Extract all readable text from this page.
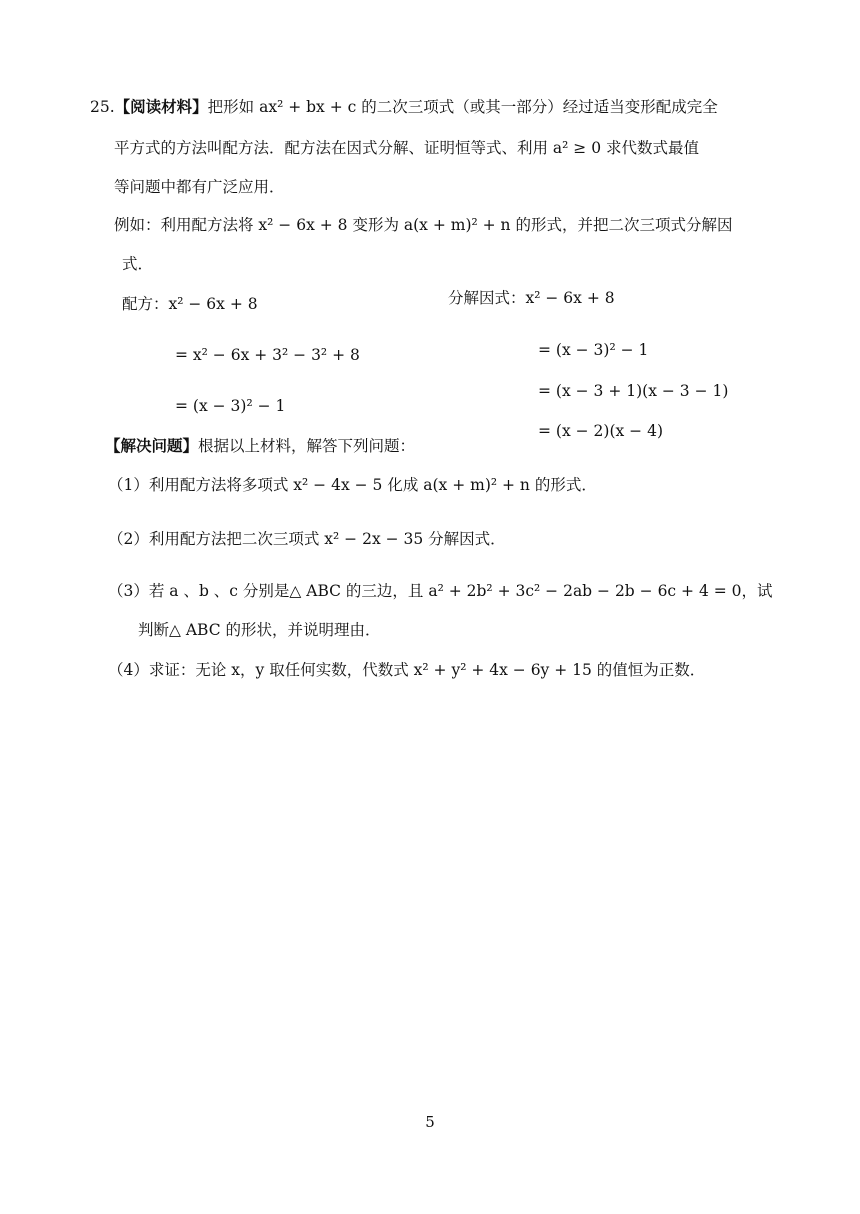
25.【阅读材料】把形如 ax² + bx + c 的二次三项式（或其一部分）经过适当变形配成完全
平方式的方法叫配方法．配方法在因式分解、证明恒等式、利用 a² ≥ 0 求代数式最值
等问题中都有广泛应用．
例如：利用配方法将 x² − 6x + 8 变形为 a(x + m)² + n 的形式，并把二次三项式分解因
式．
配方：x² − 6x + 8
= x² − 6x + 3² − 3² + 8
= (x − 3)² − 1
分解因式：x² − 6x + 8
= (x − 3)² − 1
= (x − 3 + 1)(x − 3 − 1)
= (x − 2)(x − 4)
【解决问题】根据以上材料，解答下列问题：
（1）利用配方法将多项式 x² − 4x − 5 化成 a(x + m)² + n 的形式．
（2）利用配方法把二次三项式 x² − 2x − 35 分解因式．
（3）若 a 、b 、c 分别是△ ABC 的三边，且 a² + 2b² + 3c² − 2ab − 2b − 6c + 4 = 0，试
判断△ ABC 的形状，并说明理由．
（4）求证：无论 x，y 取任何实数，代数式 x² + y² + 4x − 6y + 15 的值恒为正数．
5
